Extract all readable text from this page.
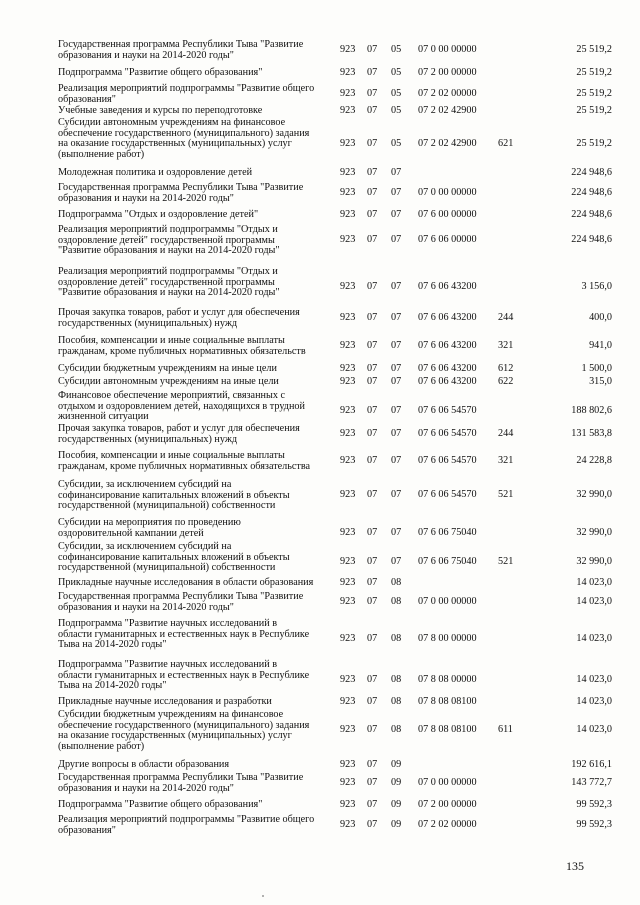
Государственная программа Республики Тыва "Развитие
образования и науки на 2014-2020 годы"
923 07 05 07 0 00 00000	25 519,2
Подпрограмма "Развитие общего образования"	923 07 05 07 2 00 00000	25 519,2
Реализация мероприятий подпрограммы "Развитие общего
образования"
923 07 05 07 2 02 00000	25 519,2
Учебные заведения и курсы по переподготовке	923 07 05 07 2 02 42900	25 519,2
Субсидии автономным учреждениям на финансовое
обеспечение государственного (муниципального) задания
на оказание государственных (муниципальных) услуг
(выполнение работ)
923 07 05 07 2 02 42900 621	25 519,2
Молодежная политика и оздоровление детей	923 07 07	224 948,6
Государственная программа Республики Тыва "Развитие
образования и науки на 2014-2020 годы"
923 07 07 07 0 00 00000	224 948,6
Подпрограмма "Отдых и оздоровление детей"	923 07 07 07 6 00 00000	224 948,6
Реализация мероприятий подпрограммы "Отдых и
оздоровление детей" государственной программы
"Развитие образования и науки на 2014-2020 годы"
923 07 07 07 6 06 00000	224 948,6
Реализация мероприятий подпрограммы "Отдых и
оздоровление детей" государственной программы
"Развитие образования и науки на 2014-2020 годы"
923 07 07 07 6 06 43200	3 156,0
Прочая закупка товаров, работ и услуг для обеспечения
государственных (муниципальных) нужд
923 07 07 07 6 06 43200 244	400,0
Пособия, компенсации и иные социальные выплаты
гражданам, кроме публичных нормативных обязательств
923 07 07 07 6 06 43200 321	941,0
Субсидии бюджетным учреждениям на иные цели	923 07 07 07 6 06 43200 612	1 500,0
Субсидии автономным учреждениям на иные цели	923 07 07 07 6 06 43200 622	315,0
Финансовое обеспечение мероприятий, связанных с
отдыхом и оздоровлением детей, находящихся в трудной
жизненной ситуации
923 07 07 07 6 06 54570	188 802,6
Прочая закупка товаров, работ и услуг для обеспечения
государственных (муниципальных) нужд
923 07 07 07 6 06 54570 244	131 583,8
Пособия, компенсации и иные социальные выплаты
гражданам, кроме публичных нормативных обязательства
923 07 07 07 6 06 54570 321	24 228,8
Субсидии, за исключением субсидий на
софинансирование капитальных вложений в объекты
государственной (муниципальной) собственности
923 07 07 07 6 06 54570 521	32 990,0
Субсидии на мероприятия по проведению
оздоровительной кампании детей	923 07 07 07 6 06 75040	32 990,0
Субсидии, за исключением субсидий на
софинансирование капитальных вложений в объекты
государственной (муниципальной) собственности
923 07 07 07 6 06 75040 521	32 990,0
Прикладные научные исследования в области образования	923 07 08	14 023,0
Государственная программа Республики Тыва "Развитие
образования и науки на 2014-2020 годы"
923 07 08 07 0 00 00000	14 023,0
Подпрограмма "Развитие научных исследований в
области гуманитарных и естественных наук в Республике
Тыва на 2014-2020 годы"
923 07 08 07 8 00 00000	14 023,0
Подпрограмма "Развитие научных исследований в
области гуманитарных и естественных наук в Республике
Тыва на 2014-2020 годы"
923 07 08 07 8 08 00000	14 023,0
Прикладные научные исследования и разработки	923 07 08 07 8 08 08100	14 023,0
Субсидии бюджетным учреждениям на финансовое
обеспечение государственного (муниципального) задания
на оказание государственных (муниципальных) услуг
(выполнение работ)
923 07 08 07 8 08 08100 611	14 023,0
Другие вопросы в области образования	923 07 09	192 616,1
Государственная программа Республики Тыва "Развитие
образования и науки на 2014-2020 годы"
923 07 09 07 0 00 00000	143 772,7
Подпрограмма "Развитие общего образования"	923 07 09 07 2 00 00000	99 592,3
Реализация мероприятий подпрограммы "Развитие общего
образования"
923 07 09 07 2 02 00000	99 592,3
135
